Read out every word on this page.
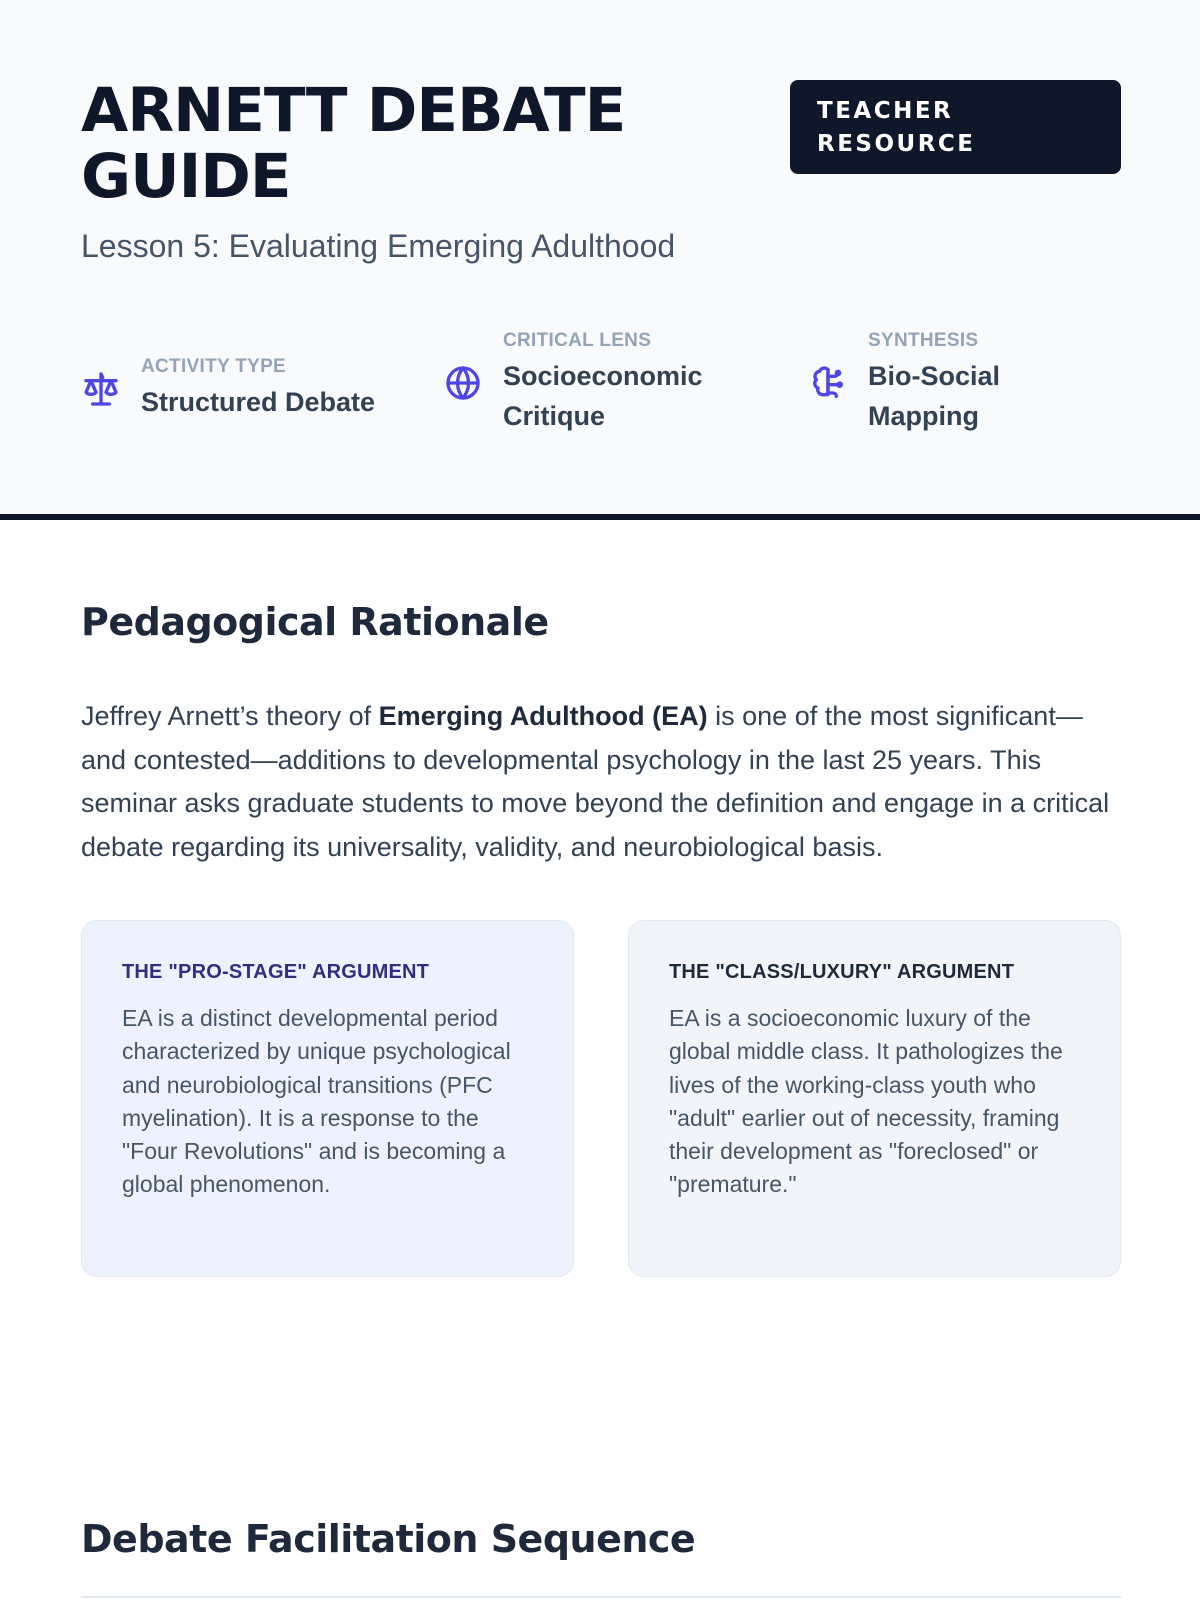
ARNETT DEBATE GUIDE
TEACHER RESOURCE
Lesson 5: Evaluating Emerging Adulthood
ACTIVITY TYPE
Structured Debate
CRITICAL LENS
Socioeconomic Critique
SYNTHESIS
Bio-Social Mapping
Pedagogical Rationale

Jeffrey Arnett’s theory of Emerging Adulthood (EA) is one of the most significant—and contested—additions to developmental psychology in the last 25 years. This seminar asks graduate students to move beyond the definition and engage in a critical debate regarding its universality, validity, and neurobiological basis.

THE "PRO-STAGE" ARGUMENT
EA is a distinct developmental period characterized by unique psychological and neurobiological transitions (PFC myelination). It is a response to the "Four Revolutions" and is becoming a global phenomenon.
THE "CLASS/LUXURY" ARGUMENT
EA is a socioeconomic luxury of the global middle class. It pathologizes the lives of the working-class youth who "adult" earlier out of necessity, framing their development as "foreclosed" or "premature."
Debate Facilitation Sequence
